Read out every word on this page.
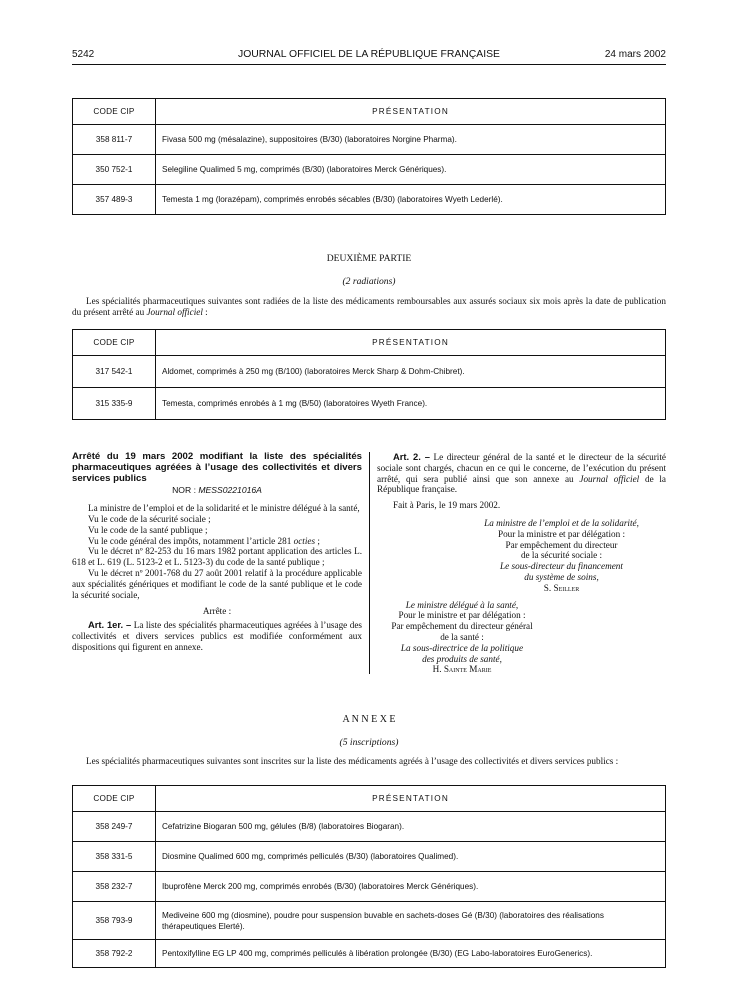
5242	JOURNAL OFFICIEL DE LA RÉPUBLIQUE FRANÇAISE	24 mars 2002
CODE CIP	PRÉSENTATION
358 811-7	Fivasa 500 mg (mésalazine), suppositoires (B/30) (laboratoires Norgine Pharma).
350 752-1	Selegiline Qualimed 5 mg, comprimés (B/30) (laboratoires Merck Génériques).
357 489-3	Temesta 1 mg (lorazépam), comprimés enrobés sécables (B/30) (laboratoires Wyeth Lederlé).
DEUXIÈME PARTIE
(2 radiations)
Les spécialités pharmaceutiques suivantes sont radiées de la liste des médicaments remboursables aux assurés sociaux six mois après la date de publication du présent arrêté au Journal officiel :
CODE CIP	PRÉSENTATION
317 542-1	Aldomet, comprimés à 250 mg (B/100) (laboratoires Merck Sharp & Dohm-Chibret).
315 335-9	Temesta, comprimés enrobés à 1 mg (B/50) (laboratoires Wyeth France).

Arrêté du 19 mars 2002 modifiant la liste des spécialités pharmaceutiques agréées à l’usage des collectivités et divers services publics

NOR : MESS0221016A

La ministre de l’emploi et de la solidarité et le ministre délégué à la santé,

Vu le code de la sécurité sociale ;

Vu le code de la santé publique ;

Vu le code général des impôts, notamment l’article 281 octies ;

Vu le décret nº 82-253 du 16 mars 1982 portant application des articles L. 618 et L. 619 (L. 5123-2 et L. 5123-3) du code de la santé publique ;

Vu le décret nº 2001-768 du 27 août 2001 relatif à la procédure applicable aux spécialités génériques et modifiant le code de la santé publique et le code la sécurité sociale,

Arrête :

Art. 1er. – La liste des spécialités pharmaceutiques agréées à l’usage des collectivités et divers services publics est modifiée conformément aux dispositions qui figurent en annexe.

Art. 2. – Le directeur général de la santé et le directeur de la sécurité sociale sont chargés, chacun en ce qui le concerne, de l’exécution du présent arrêté, qui sera publié ainsi que son annexe au Journal officiel de la République française.

Fait à Paris, le 19 mars 2002.

La ministre de l’emploi et de la solidarité,
Pour la ministre et par délégation :
Par empêchement du directeur
de la sécurité sociale :
Le sous-directeur du financement
du système de soins,
S. Seiller
Le ministre délégué à la santé,
Pour le ministre et par délégation :
Par empêchement du directeur général
de la santé :
La sous-directrice de la politique
des produits de santé,
H. Sainte Marie
A N N E X E
(5 inscriptions)
Les spécialités pharmaceutiques suivantes sont inscrites sur la liste des médicaments agréés à l’usage des collectivités et divers services publics :
CODE CIP	PRÉSENTATION
358 249-7	Cefatrizine Biogaran 500 mg, gélules (B/8) (laboratoires Biogaran).
358 331-5	Diosmine Qualimed 600 mg, comprimés pelliculés (B/30) (laboratoires Qualimed).
358 232-7	Ibuprofène Merck 200 mg, comprimés enrobés (B/30) (laboratoires Merck Génériques).
358 793-9	Mediveine 600 mg (diosmine), poudre pour suspension buvable en sachets-doses Gé (B/30) (laboratoires des réalisations thérapeutiques Elerté).
358 792-2	Pentoxifylline EG LP 400 mg, comprimés pelliculés à libération prolongée (B/30) (EG Labo-laboratoires EuroGenerics).
